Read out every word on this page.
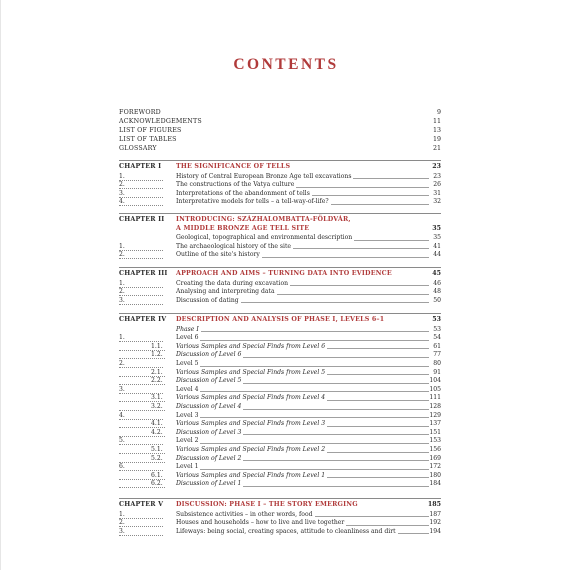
CONTENTS
FOREWORD	9
ACKNOWLEDGEMENTS	11
LIST OF FIGURES	13
LIST OF TABLES	19
GLOSSARY	21
CHAPTER I THE SIGNIFICANCE OF TELLS	23
1.	History of Central European Bronze Age tell excavations	23
2.	The constructions of the Vatya culture	26
3.	Interpretations of the abandonment of tells	31
4.	Interpretative models for tells – a tell-way-of-life?	32
CHAPTER II INTRODUCING: SZÁZHALOMBATTA-FÖLDVÁR,
A MIDDLE BRONZE AGE TELL SITE	35
Geological, topographical and environmental description	35
1.	The archaeological history of the site	41
2.	Outline of the site's history	44
CHAPTER III APPROACH AND AIMS – TURNING DATA INTO EVIDENCE	45
1.	Creating the data during excavation	46
2.	Analysing and interpreting data	48
3.	Discussion of dating	50
CHAPTER IV DESCRIPTION AND ANALYSIS OF PHASE I, LEVELS 6–1	53
Phase I	53
1.	Level 6	54
1.1.	Various Samples and Special Finds from Level 6	61
1.2.	Discussion of Level 6	77
2.	Level 5	80
2.1.	Various Samples and Special Finds from Level 5	91
2.2.	Discussion of Level 5	104
3.	Level 4	105
3.1.	Various Samples and Special Finds from Level 4	111
3.2.	Discussion of Level 4	128
4.	Level 3	129
4.1.	Various Samples and Special Finds from Level 3	137
4.2.	Discussion of Level 3	151
5.	Level 2	153
5.1.	Various Samples and Special Finds from Level 2	156
5.2.	Discussion of Level 2	169
6.	Level 1	172
6.1.	Various Samples and Special Finds from Level 1	180
6.2.	Discussion of Level 1	184
CHAPTER V DISCUSSION: PHASE I – THE STORY EMERGING	185
1.	Subsistence activities – in other words, food	187
2.	Houses and households – how to live and live together	192
3.	Lifeways: being social, creating spaces, attitude to cleanliness and dirt	194
